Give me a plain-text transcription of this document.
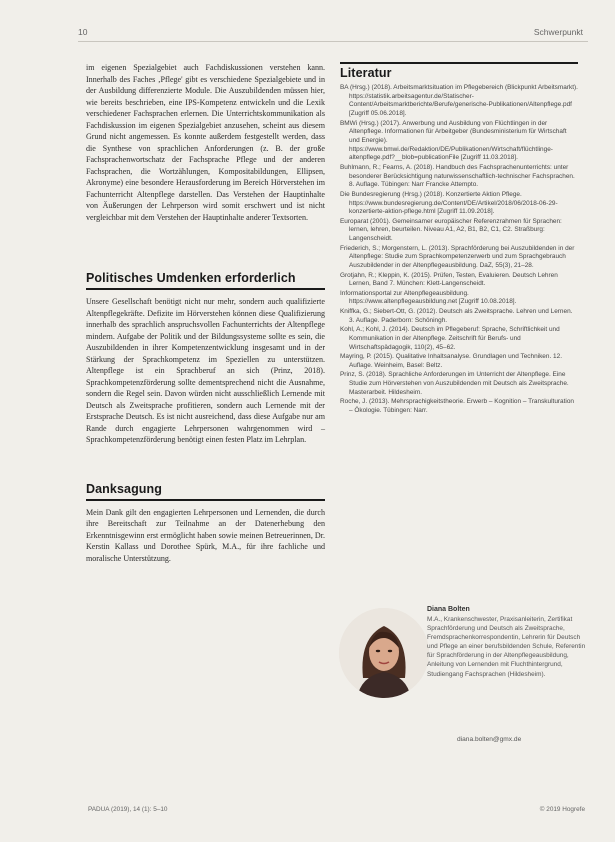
10	Schwerpunkt

im eigenen Spezialgebiet auch Fachdiskussionen verstehen kann. Innerhalb des Faches ‚Pflege' gibt es verschiedene Spezialgebiete und in der Ausbildung differenzierte Module. Die Auszubildenden müssen hier, wie bereits beschrieben, eine IPS-Kompetenz entwickeln und die Lexik verschiedener Fachsprachen erlernen. Die Unterrichtskommunikation als Fachdiskussion im eigenen Spezialgebiet anzusehen, scheint aus diesem Grund nicht angemessen. Es konnte außerdem festgestellt werden, dass die Synthese von sprachlichen Anforderungen (z. B. der große Fachsprachenwortschatz der Fachsprache Pflege und der anderen Fachsprachen, die Wortzählungen, Kompositabildungen, Ellipsen, Akronyme) eine besondere Herausforderung im Bereich Hörverstehen im Fachunterricht Altenpflege darstellen. Das Verstehen der Hauptinhalte von Äußerungen der Lehrperson wird somit erschwert und ist nicht vergleichbar mit dem Verstehen der Hauptinhalte anderer Textsorten.

Politisches Umdenken erforderlich

Unsere Gesellschaft benötigt nicht nur mehr, sondern auch qualifizierte Altenpflegekräfte. Defizite im Hörverstehen können diese Qualifizierung innerhalb des sprachlich anspruchsvollen Fachunterrichts der Altenpflege mindern. Aufgabe der Politik und der Bildungssysteme sollte es sein, die Auszubildenden in ihrer Kompetenzentwicklung insgesamt und in der Stärkung der Sprachkompetenz im Speziellen zu unterstützen. Altenpflege ist ein Sprachberuf an sich (Prinz, 2018). Sprachkompetenzförderung sollte dementsprechend nicht die Ausnahme, sondern die Regel sein. Davon würden nicht ausschließlich Lernende mit Deutsch als Zweitsprache profitieren, sondern auch Lernende mit der Erstsprache Deutsch. Es ist nicht ausreichend, dass diese Aufgabe nur am Rande durch engagierte Lehrpersonen wahrgenommen wird – Sprachkompetenzförderung benötigt einen festen Platz im Lehrplan.

Danksagung

Mein Dank gilt den engagierten Lehrpersonen und Lernenden, die durch ihre Bereitschaft zur Teilnahme an der Datenerhebung den Erkenntnisgewinn erst ermöglicht haben sowie meinen Betreuerinnen, Dr. Kerstin Kallass und Dorothee Spürk, M.A., für ihre fachliche und moralische Unterstützung.

Literatur

BA (Hrsg.) (2018). Arbeitsmarktsituation im Pflegebereich (Blickpunkt Arbeitsmarkt). https://statistik.arbeitsagentur.de/Statischer-Content/Arbeitsmarktberichte/Berufe/generische-Publikationen/Altenpflege.pdf [Zugriff 05.06.2018].

BMWi (Hrsg.) (2017). Anwerbung und Ausbildung von Flüchtlingen in der Altenpflege. Informationen für Arbeitgeber (Bundesministerium für Wirtschaft und Energie). https://www.bmwi.de/Redaktion/DE/Publikationen/Wirtschaft/flüchtlinge-altenpflege.pdf?__blob=publicationFile [Zugriff 11.03.2018].

Buhlmann, R.; Fearns, A. (2018). Handbuch des Fachsprachenunterrichts: unter besonderer Berücksichtigung naturwissenschaftlich-technischer Fachsprachen. 8. Auflage. Tübingen: Narr Francke Attempto.

Die Bundesregierung (Hrsg.) (2018). Konzertierte Aktion Pflege. https://www.bundesregierung.de/Content/DE/Artikel/2018/06/2018-06-29-konzertierte-aktion-pflege.html [Zugriff 11.09.2018].

Europarat (2001). Gemeinsamer europäischer Referenzrahmen für Sprachen: lernen, lehren, beurteilen. Niveau A1, A2, B1, B2, C1, C2. Straßburg: Langenscheidt.

Friederich, S.; Morgenstern, L. (2013). Sprachförderung bei Auszubildenden in der Altenpflege: Studie zum Sprachkompetenzerwerb und zum Sprachgebrauch Auszubildender in der Altenpflegeausbildung. DaZ, 55(3), 21–28.

Grotjahn, R.; Kleppin, K. (2015). Prüfen, Testen, Evaluieren. Deutsch Lehren Lernen, Band 7. München: Klett-Langenscheidt.

Informationsportal zur Altenpflegeausbildung. https://www.altenpflegeausbildung.net [Zugriff 10.08.2018].

Kniffka, G.; Siebert-Ott, G. (2012). Deutsch als Zweitsprache. Lehren und Lernen. 3. Auflage. Paderborn: Schöningh.

Kohl, A.; Kohl, J. (2014). Deutsch im Pflegeberuf: Sprache, Schriftlichkeit und Kommunikation in der Altenpflege. Zeitschrift für Berufs- und Wirtschaftspädagogik, 110(2), 45–62.

Mayring, P. (2015). Qualitative Inhaltsanalyse. Grundlagen und Techniken. 12. Auflage. Weinheim, Basel: Beltz.

Prinz, S. (2018). Sprachliche Anforderungen im Unterricht der Altenpflege. Eine Studie zum Hörverstehen von Auszubildenden mit Deutsch als Zweitsprache. Masterarbeit. Hildesheim.

Roche, J. (2013). Mehrsprachigkeitstheorie. Erwerb – Kognition – Transkulturation – Ökologie. Tübingen: Narr.

Diana Bolten

M.A., Krankenschwester, Praxisanleiterin, Zertifikat Sprachförderung und Deutsch als Zweitsprache, Fremdsprachenkorrespondentin, Lehrerin für Deutsch und Pflege an einer berufsbildenden Schule, Referentin für Sprachförderung in der Altenpflegeausbildung, Anleitung von Lernenden mit Fluchthintergrund, Studiengang Fachsprachen (Hildesheim).

diana.bolten@gmx.de
PADUA (2019), 14 (1): 5–10	© 2019 Hogrefe
